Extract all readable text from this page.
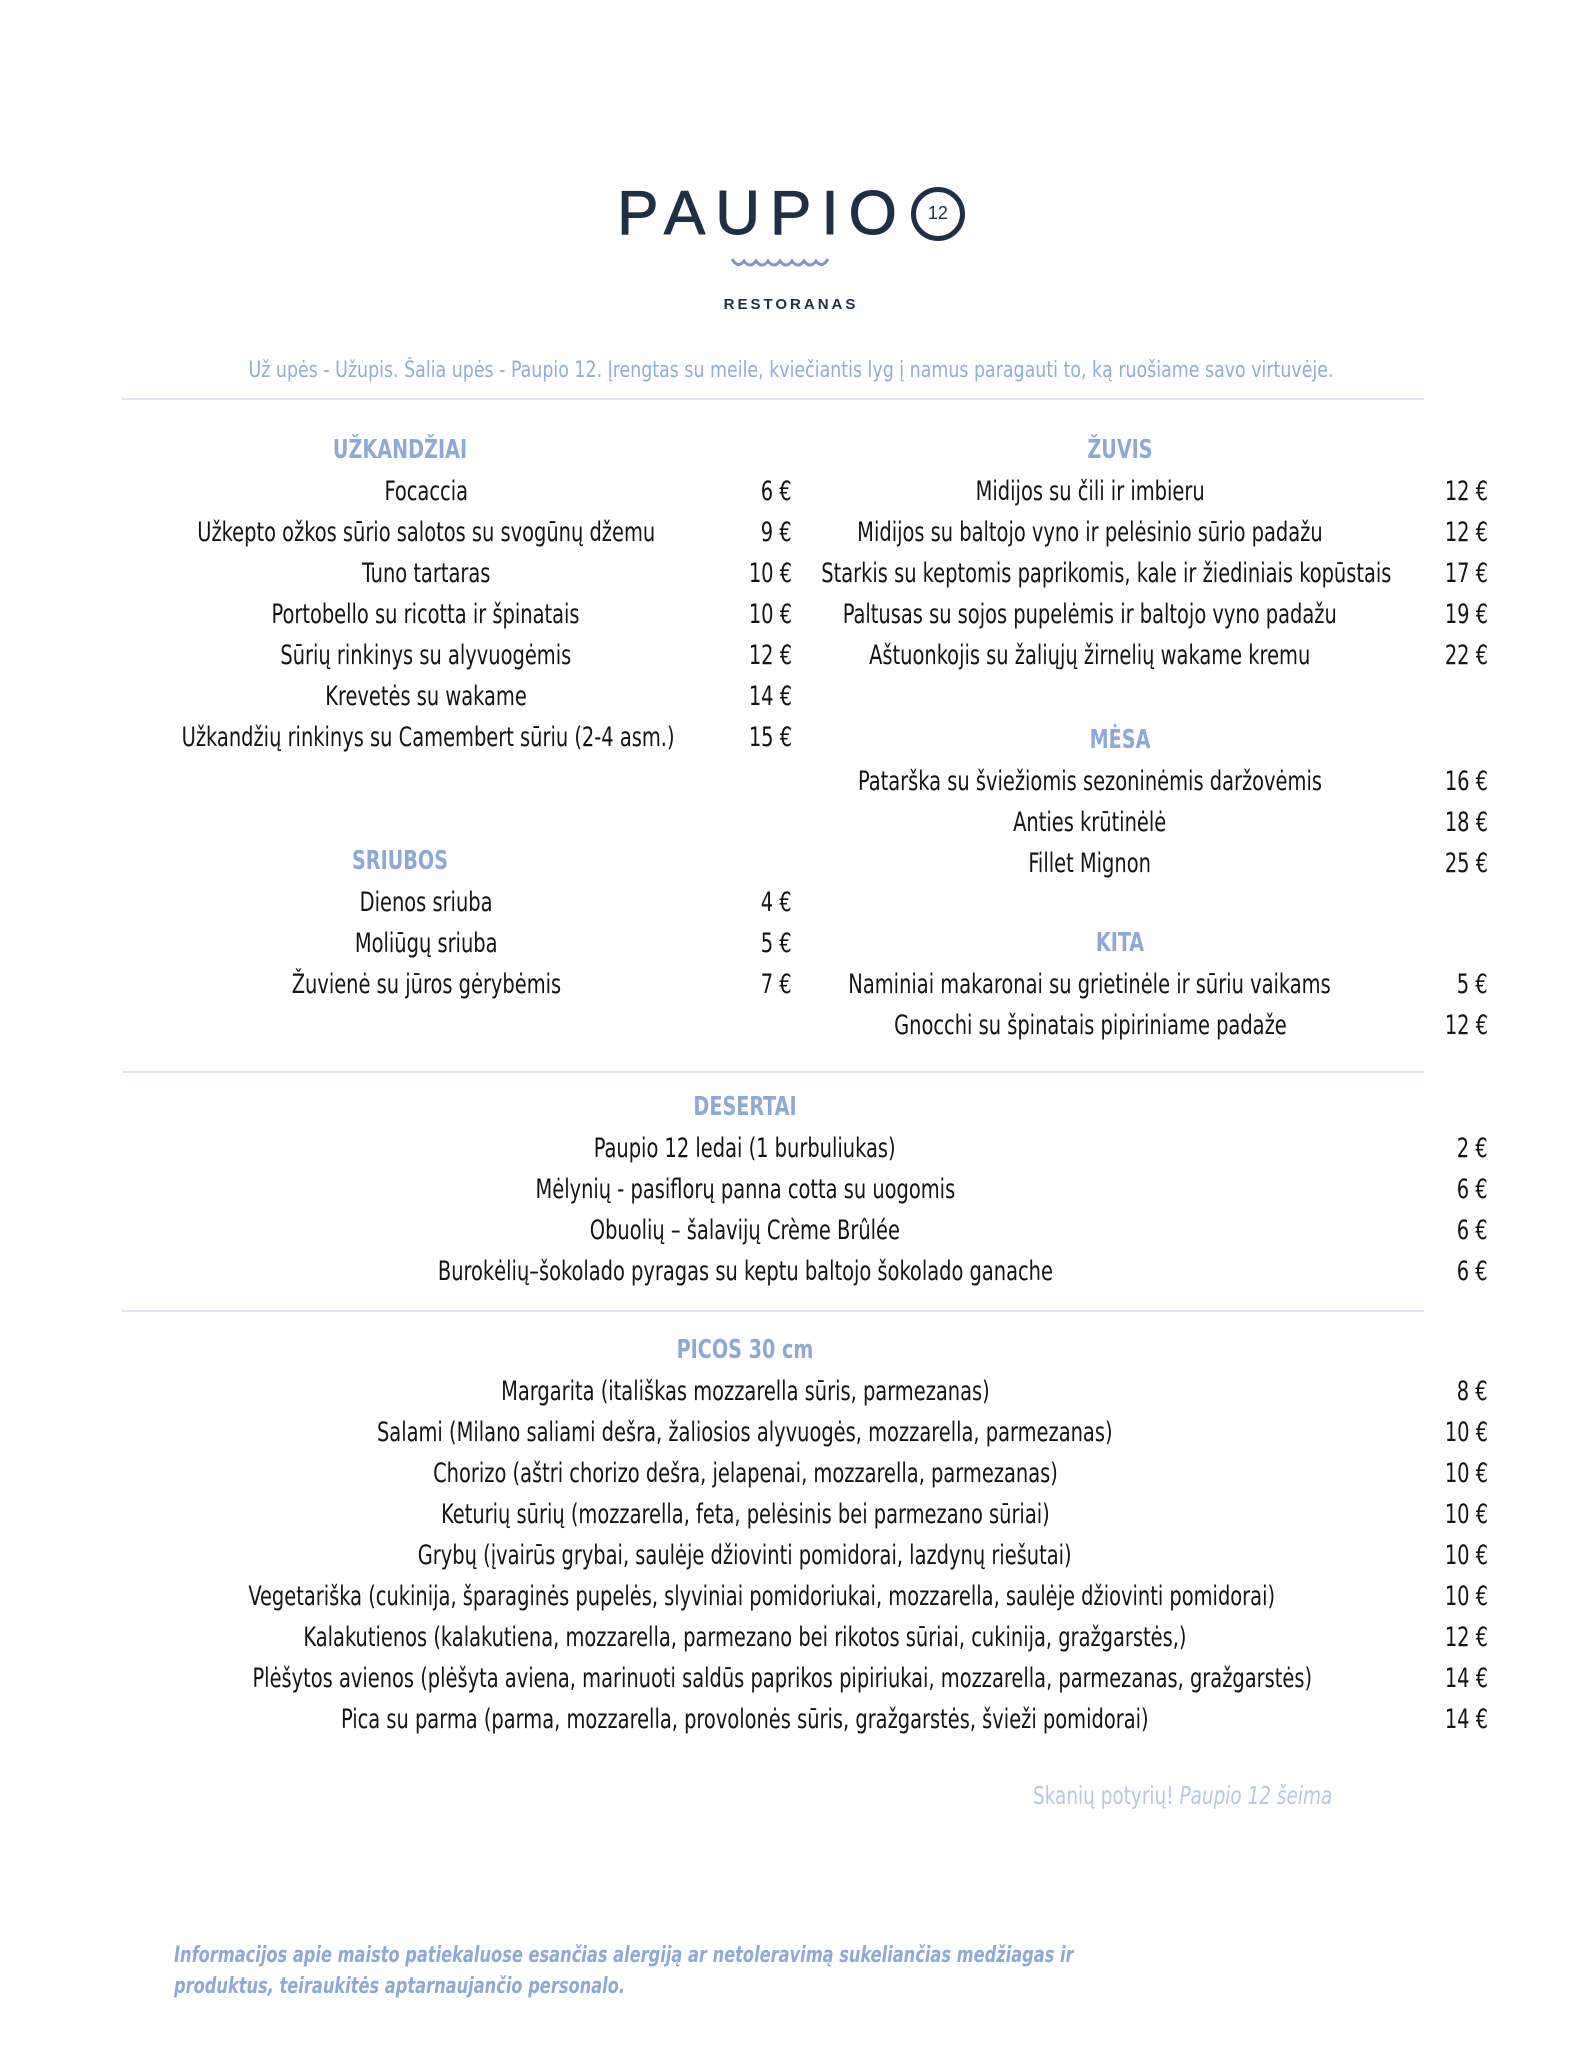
PAUPIO	12
RESTORANAS
Už upės - Užupis. Šalia upės - Paupio 12. Įrengtas su meile, kviečiantis lyg į namus paragauti to, ką ruošiame savo virtuvėje.
UŽKANDŽIAI
Focaccia	6 €
Užkepto ožkos sūrio salotos su svogūnų džemu	9 €
Tuno tartaras	10 €
Portobello su ricotta ir špinatais	10 €
Sūrių rinkinys su alyvuogėmis	12 €
Krevetės su wakame	14 €
Užkandžių rinkinys su Camembert sūriu (2-4 asm.)	15 €
SRIUBOS
Dienos sriuba	4 €
Moliūgų sriuba	5 €
Žuvienė su jūros gėrybėmis	7 €
ŽUVIS
Midijos su čili ir imbieru	12 €
Midijos su baltojo vyno ir pelėsinio sūrio padažu	12 €
Starkis su keptomis paprikomis, kale ir žiediniais kopūstais	17 €
Paltusas su sojos pupelėmis ir baltojo vyno padažu	19 €
Aštuonkojis su žaliųjų žirnelių wakame kremu	22 €
MĖSA
Patarška su šviežiomis sezoninėmis daržovėmis	16 €
Anties krūtinėlė	18 €
Fillet Mignon	25 €
KITA
Naminiai makaronai su grietinėle ir sūriu vaikams	5 €
Gnocchi su špinatais pipiriniame padaže	12 €
DESERTAI
Paupio 12 ledai (1 burbuliukas)	2 €
Mėlynių - pasiflorų panna cotta su uogomis	6 €
Obuolių – šalavijų Crème Brûlée	6 €
Burokėlių–šokolado pyragas su keptu baltojo šokolado ganache	6 €
PICOS 30 cm
Margarita (itališkas mozzarella sūris, parmezanas)	8 €
Salami (Milano saliami dešra, žaliosios alyvuogės, mozzarella, parmezanas)	10 €
Chorizo (aštri chorizo dešra, jelapenai, mozzarella, parmezanas)	10 €
Keturių sūrių (mozzarella, feta, pelėsinis bei parmezano sūriai)	10 €
Grybų (įvairūs grybai, saulėje džiovinti pomidorai, lazdynų riešutai)	10 €
Vegetariška (cukinija, šparaginės pupelės, slyviniai pomidoriukai, mozzarella, saulėje džiovinti pomidorai)	10 €
Kalakutienos (kalakutiena, mozzarella, parmezano bei rikotos sūriai, cukinija, gražgarstės,)	12 €
Plėšytos avienos (plėšyta aviena, marinuoti saldūs paprikos pipiriukai, mozzarella, parmezanas, gražgarstės)	14 €
Pica su parma (parma, mozzarella, provolonės sūris, gražgarstės, švieži pomidorai)	14 €
Skanių potyrių! Paupio 12 šeima
Informacijos apie maisto patiekaluose esančias alergiją ar netoleravimą sukeliančias medžiagas ir produktus, teiraukitės aptarnaujančio personalo.
